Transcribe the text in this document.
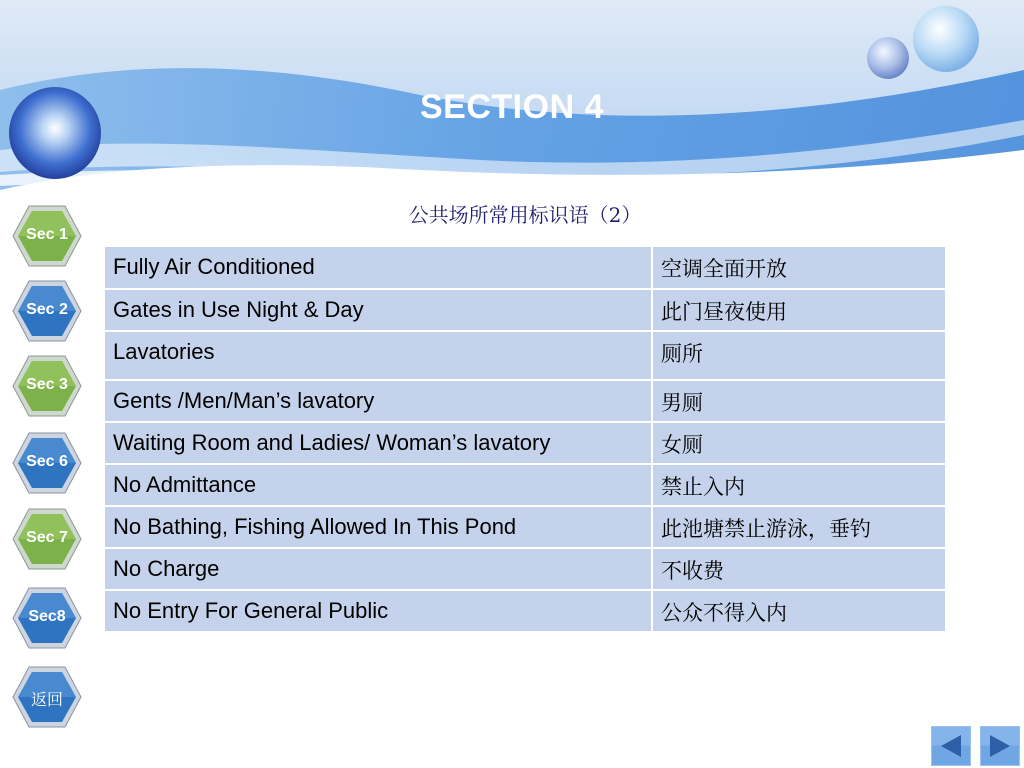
SECTION 4
公共场所常用标识语（2）
Sec 1
Sec 2
Sec 3
Sec 6
Sec 7
Sec8
返回
Fully Air Conditioned	空调全面开放
Gates in Use Night & Day	此门昼夜使用
Lavatories	厕所
Gents /Men/Man’s lavatory	男厕
Waiting Room and Ladies/ Woman’s lavatory	女厕
No Admittance	禁止入内
No Bathing, Fishing Allowed In This Pond	此池塘禁止游泳，垂钓
No Charge	不收费
No Entry For General Public	公众不得入内
